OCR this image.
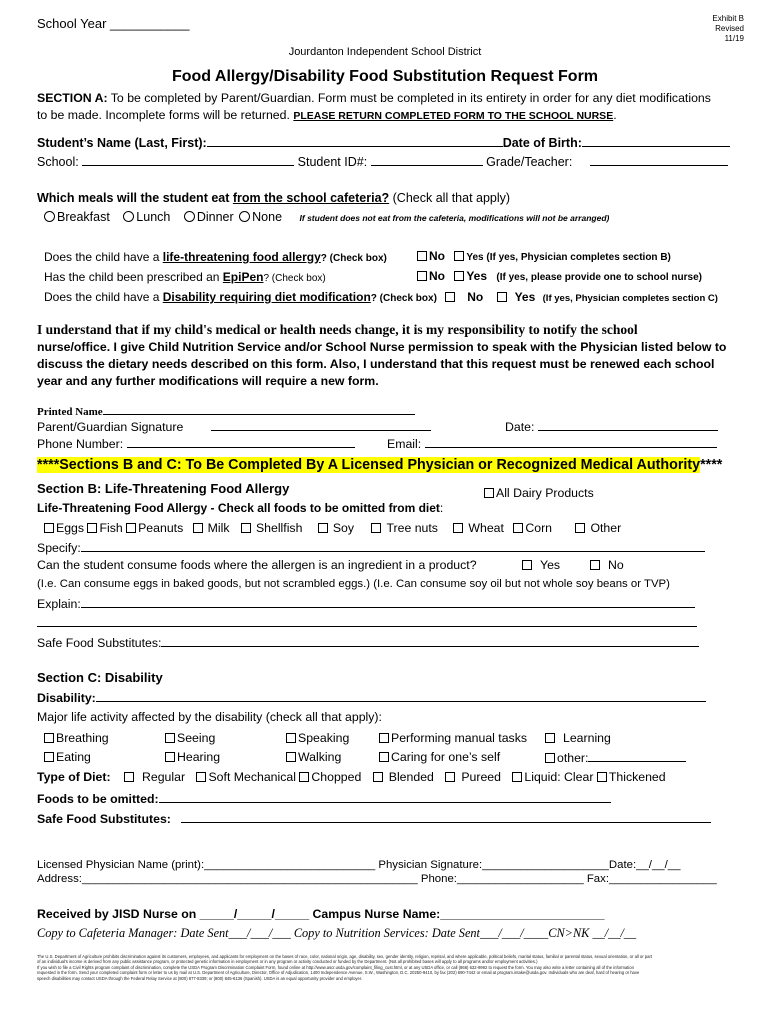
School Year ___________	Exhibit B
Revised
11/19
Jourdanton Independent School District
Food Allergy/Disability Food Substitution Request Form
SECTION A: To be completed by Parent/Guardian. Form must be completed in its entirety in order for any diet modifications
to be made. Incomplete forms will be returned. PLEASE RETURN COMPLETED FORM TO THE SCHOOL NURSE.
Student’s Name (Last, First):	Date of Birth:
School:	Student ID#:	Grade/Teacher:
Which meals will the student eat from the school cafeteria? (Check all that apply)
Breakfast Lunch Dinner None If student does not eat from the cafeteria, modifications will not be arranged)
Does the child have a life-threatening food allergy? (Check box)	No Yes (If yes, Physician completes section B)
Has the child been prescribed an EpiPen? (Check box)	No Yes (If yes, please provide one to school nurse)
Does the child have a Disability requiring diet modification? (Check box)	No	Yes (If yes, Physician completes section C)
I understand that if my child's medical or health needs change, it is my responsibility to notify the school
nurse/office. I give Child Nutrition Service and/or School Nurse permission to speak with the Physician listed below to
discuss the dietary needs described on this form. Also, I understand that this request must be renewed each school
year and any further modifications will require a new form.
Printed Name
Parent/Guardian Signature	Date:
Phone Number:	Email:
****Sections B and C: To Be Completed By A Licensed Physician or Recognized Medical Authority****
Section B: Life-Threatening Food Allergy	All Dairy Products
Life-Threatening Food Allergy - Check all foods to be omitted from diet:
Eggs Fish Peanuts Milk Shellfish Soy	Tree nuts Wheat Corn	Other
Specify:
Can the student consume foods where the allergen is an ingredient in a product?	Yes	No
(I.e. Can consume eggs in baked goods, but not scrambled eggs.) (I.e. Can consume soy oil but not whole soy beans or TVP)
Explain:
Safe Food Substitutes:
Section C: Disability
Disability:
Major life activity affected by the disability (check all that apply):
Breathing	Seeing	Speaking	Performing manual tasks	Learning
Eating	Hearing	Walking	Caring for one’s self	other:
Type of Diet:	Regular Soft Mechanical Chopped Blended Pureed Liquid: Clear Thickened
Foods to be omitted:
Safe Food Substitutes:
Licensed Physician Name (print):___________________________ Physician Signature:____________________Date:__/__/__
Address:_____________________________________________________ Phone:____________________ Fax:_________________
Received by JISD Nurse on _____/_____/_____ Campus Nurse Name:________________________
Copy to Cafeteria Manager: Date Sent___/___/___ Copy to Nutrition Services: Date Sent___/___/____CN>NK __/__/__
The U.S. Department of Agriculture prohibits discrimination against its customers, employees, and applicants for employment on the bases of race, color, national origin, age, disability, sex, gender identity, religion, reprisal, and where applicable, political beliefs, marital status, familial or parental status, sexual orientation, or all or part
of an individual's income is derived from any public assistance program, or protected genetic information in employment or in any program or activity conducted or funded by the Department. (Not all prohibited bases will apply to all programs and/or employment activities.)
If you wish to file a Civil Rights program complaint of discrimination, complete the USDA Program Discrimination Complaint Form, found online at http://www.ascr.usda.gov/complaint_filing_cust.html, or at any USDA office, or call (866) 632-9992 to request the form. You may also write a letter containing all of the information
requested in the form. Send your completed complaint form or letter to us by mail at U.S. Department of Agriculture, Director, Office of Adjudication, 1400 Independence Avenue, S.W., Washington, D.C. 20250-9410, by fax (202) 690-7442 or email at program.intake@usda.gov. Individuals who are deaf, hard of hearing or have
speech disabilities may contact USDA through the Federal Relay Service at (800) 877-8339; or (800) 845-6136 (Spanish). USDA is an equal opportunity provider and employer.
